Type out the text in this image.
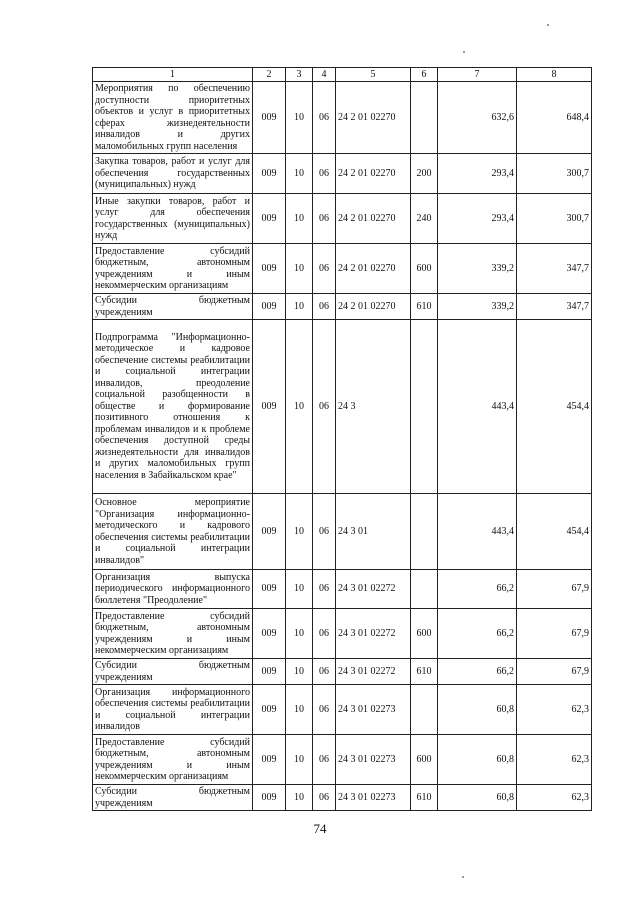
1	2	3	4	5	6	7	8
Мероприятия по обеспечению доступности приоритетных объектов и услуг в приоритетных сферах жизнедеятельности инвалидов и других маломобильных групп населения	009	10	06	24 2 01 02270		632,6	648,4
Закупка товаров, работ и услуг для обеспечения государственных (муниципальных) нужд	009	10	06	24 2 01 02270	200	293,4	300,7
Иные закупки товаров, работ и услуг для обеспечения государственных (муниципальных) нужд	009	10	06	24 2 01 02270	240	293,4	300,7
Предоставление субсидий бюджетным, автономным учреждениям и иным некоммерческим организациям	009	10	06	24 2 01 02270	600	339,2	347,7
Субсидии бюджетным учреждениям	009	10	06	24 2 01 02270	610	339,2	347,7
Подпрограмма "Информационно-методическое и кадровое обеспечение системы реабилитации и социальной интеграции инвалидов, преодоление социальной разобщенности в обществе и формирование позитивного отношения к проблемам инвалидов и к проблеме обеспечения доступной среды жизнедеятельности для инвалидов и других маломобильных групп населения в Забайкальском крае"	009	10	06	24 3		443,4	454,4
Основное мероприятие "Организация информационно-методического и кадрового обеспечения системы реабилитации и социальной интеграции инвалидов"	009	10	06	24 3 01		443,4	454,4
Организация выпуска периодического информационного бюллетеня "Преодоление"	009	10	06	24 3 01 02272		66,2	67,9
Предоставление субсидий бюджетным, автономным учреждениям и иным некоммерческим организациям	009	10	06	24 3 01 02272	600	66,2	67,9
Субсидии бюджетным учреждениям	009	10	06	24 3 01 02272	610	66,2	67,9
Организация информационного обеспечения системы реабилитации и социальной интеграции инвалидов	009	10	06	24 3 01 02273		60,8	62,3
Предоставление субсидий бюджетным, автономным учреждениям и иным некоммерческим организациям	009	10	06	24 3 01 02273	600	60,8	62,3
Субсидии бюджетным учреждениям	009	10	06	24 3 01 02273	610	60,8	62,3
74
